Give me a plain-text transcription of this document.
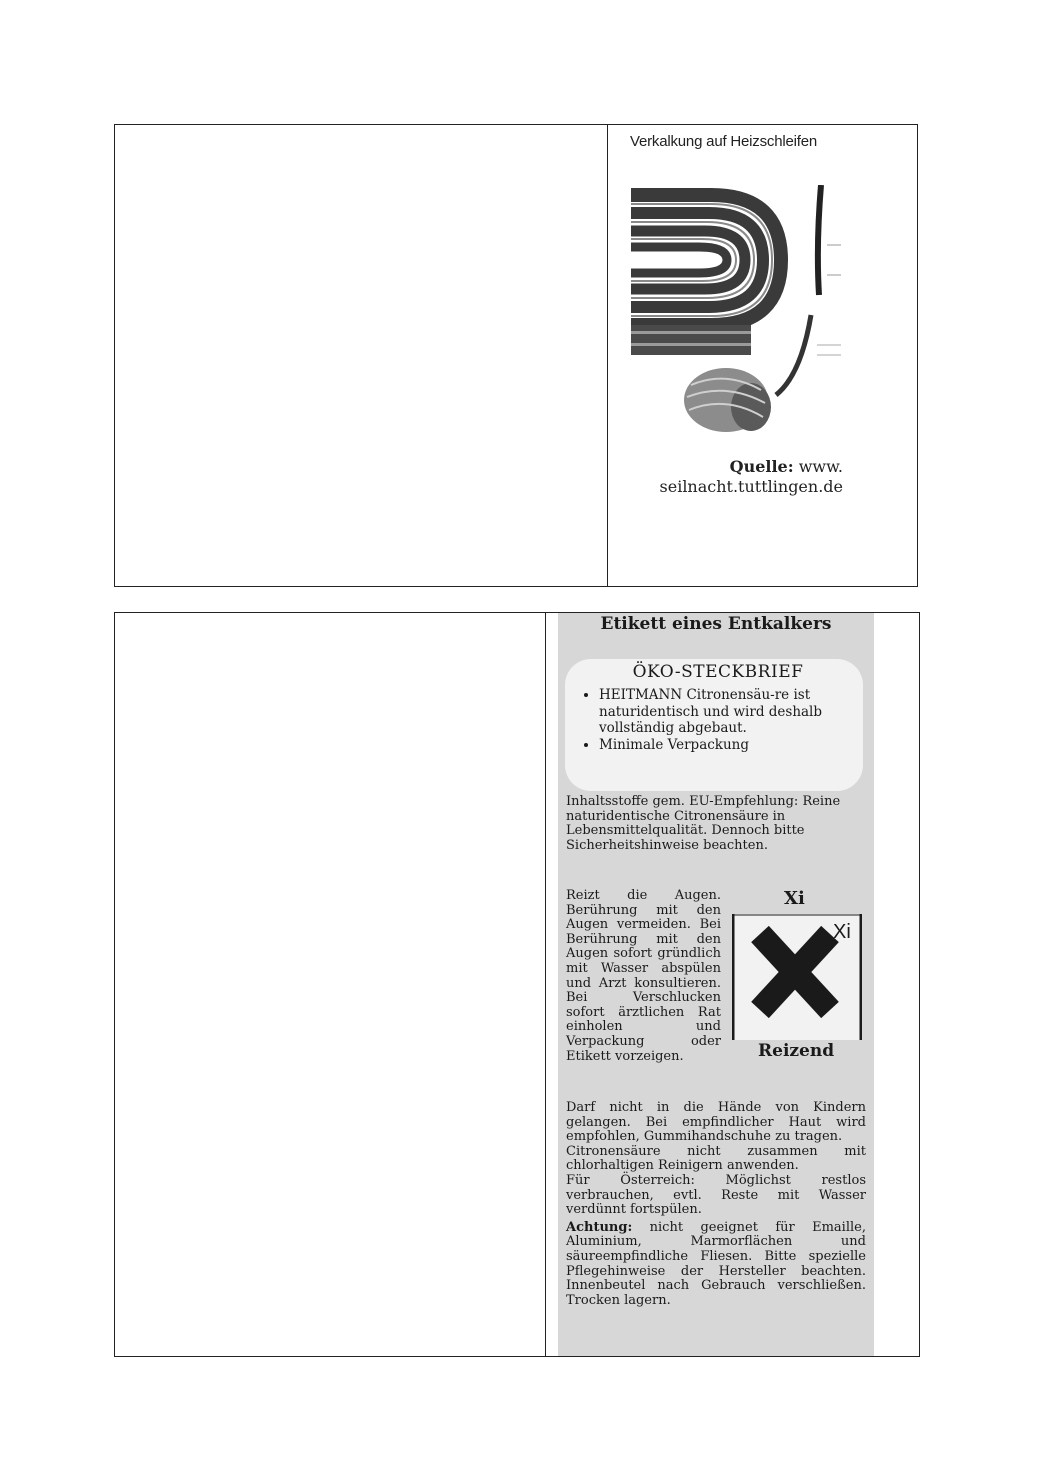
Verkalkung auf Heizschleifen
Quelle: www.
seilnacht.tuttlingen.de
Etikett eines Entkalkers
ÖKO-STECKBRIEF
• HEITMANN Citronensäu-re ist naturidentisch und wird deshalb vollständig abgebaut.
• Minimale Verpackung
Inhaltsstoffe gem. EU-Empfehlung: Reine naturidentische Citronensäure in Lebensmittelqualität. Dennoch bitte Sicherheitshinweise beachten.
Reizt die Augen. Berührung mit den Augen vermeiden. Bei Berührung mit den Augen sofort gründlich mit Wasser abspülen und Arzt konsultieren. Bei Verschlucken sofort ärztlichen Rat einholen und Verpackung oder Etikett vorzeigen.
Xi
Xi
Reizend

Darf nicht in die Hände von Kindern gelangen. Bei empfindlicher Haut wird empfohlen, Gummihandschuhe zu tragen.

Citronensäure nicht zusammen mit chlorhaltigen Reinigern anwenden.

Für Österreich: Möglichst restlos verbrauchen, evtl. Reste mit Wasser verdünnt fortspülen.

Achtung: nicht geeignet für Emaille, Aluminium, Marmorflächen und säureempfindliche Fliesen. Bitte spezielle Pflegehinweise der Hersteller beachten. Innenbeutel nach Gebrauch verschließen. Trocken lagern.
